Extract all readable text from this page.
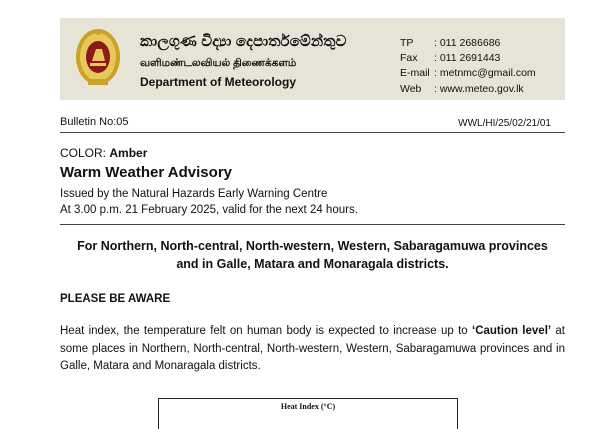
කාලගුණ විද්‍යා දෙපාර්තමේන්තුව
வளிமண்டலவியல் திணைக்களம்
Department of Meteorology
TP : 011 2686686
Fax : 011 2691443
E-mail : metnmc@gmail.com
Web : www.meteo.gov.lk
Bulletin No:05	WWL/HI/25/02/21/01
COLOR: Amber
Warm Weather Advisory
Issued by the Natural Hazards Early Warning Centre
At 3.00 p.m. 21 February 2025, valid for the next 24 hours.
For Northern, North-central, North-western, Western, Sabaragamuwa provinces
and in Galle, Matara and Monaragala districts.
PLEASE BE AWARE
Heat index, the temperature felt on human body is expected to increase up to ‘Caution level’ at some places in Northern, North-central, North-western, Western, Sabaragamuwa provinces and in Galle, Matara and Monaragala districts.
Heat Index (°C)
